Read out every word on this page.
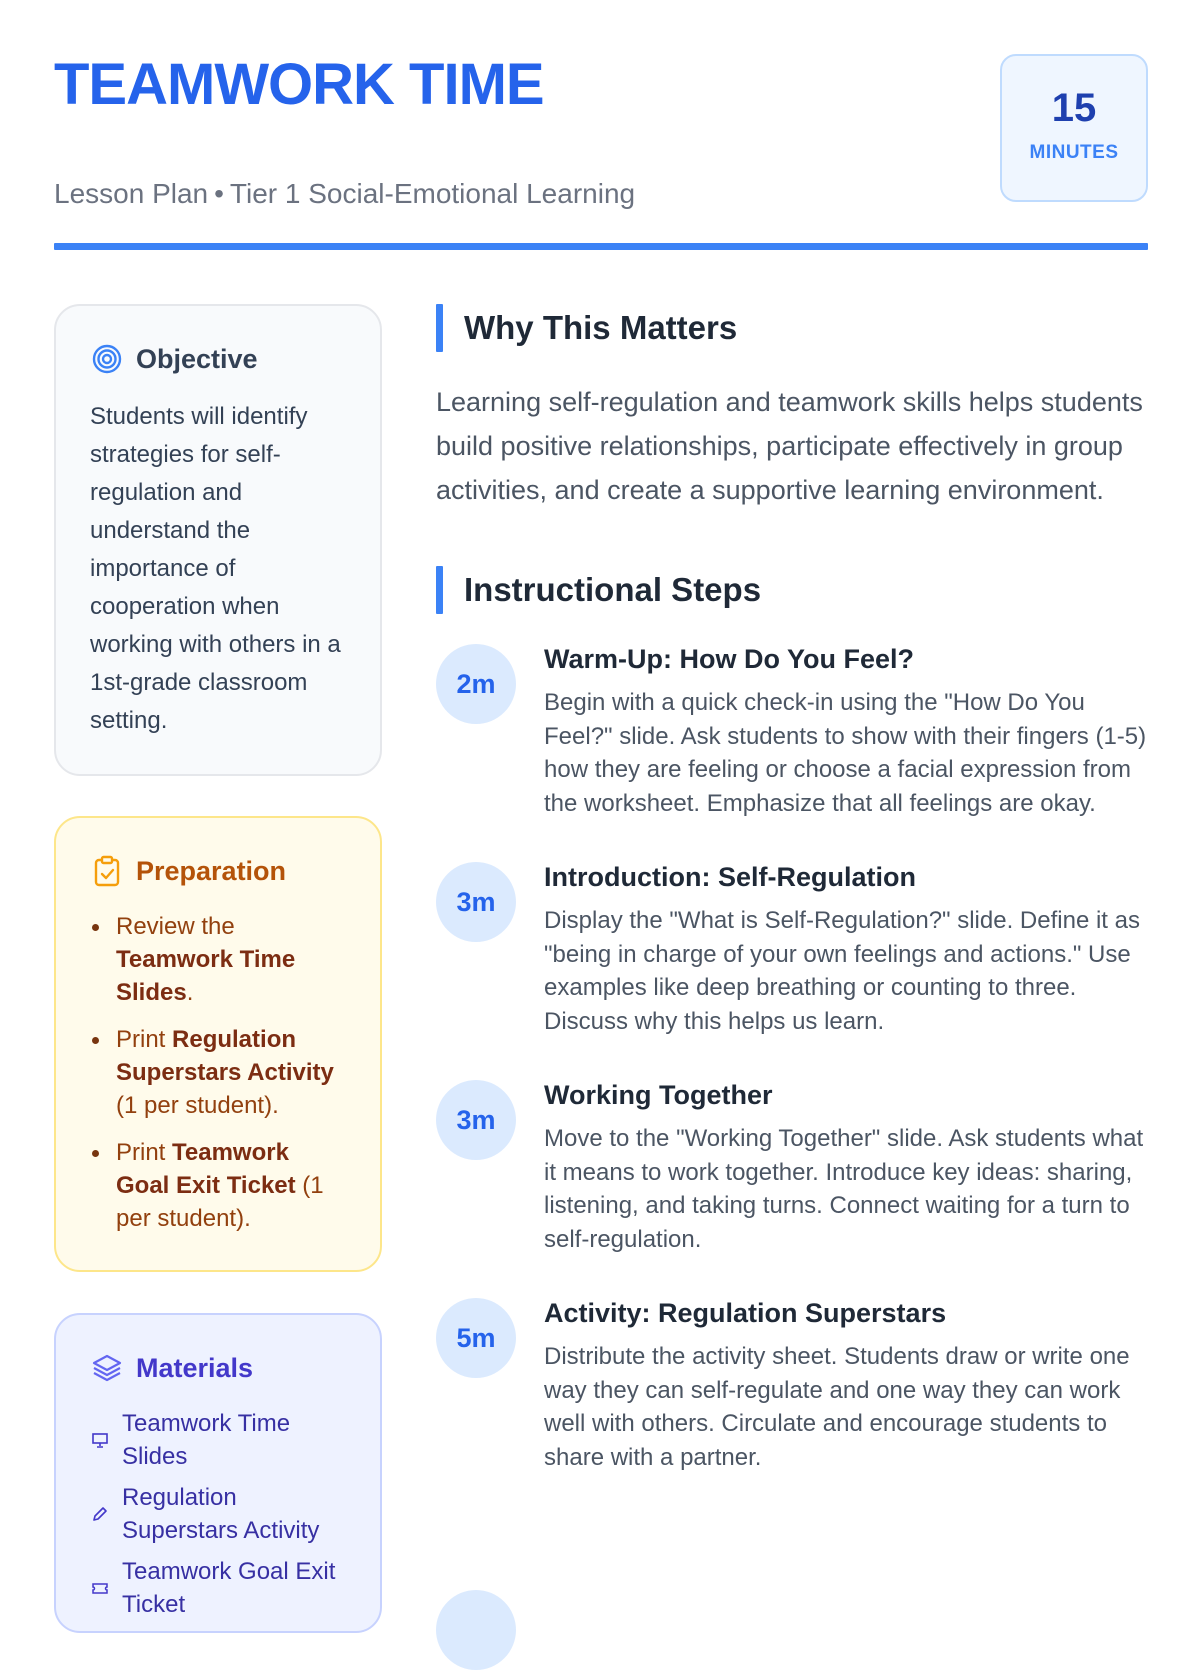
TEAMWORK TIME
Lesson Plan • Tier 1 Social-Emotional Learning
15
MINUTES
Objective

Students will identify strategies for self-regulation and understand the importance of cooperation when working with others in a 1st-grade classroom setting.

Preparation
Review the Teamwork Time Slides.
Print Regulation Superstars Activity (1 per student).
Print Teamwork Goal Exit Ticket (1 per student).
Materials
Teamwork Time Slides
Regulation Superstars Activity
Teamwork Goal Exit Ticket
Why This Matters

Learning self-regulation and teamwork skills helps students build positive relationships, participate effectively in group activities, and create a supportive learning environment.

Instructional Steps
2m
Warm-Up: How Do You Feel?

Begin with a quick check-in using the "How Do You Feel?" slide. Ask students to show with their fingers (1-5) how they are feeling or choose a facial expression from the worksheet. Emphasize that all feelings are okay.

3m
Introduction: Self-Regulation

Display the "What is Self-Regulation?" slide. Define it as "being in charge of your own feelings and actions." Use examples like deep breathing or counting to three. Discuss why this helps us learn.

3m
Working Together

Move to the "Working Together" slide. Ask students what it means to work together. Introduce key ideas: sharing, listening, and taking turns. Connect waiting for a turn to self-regulation.

5m
Activity: Regulation Superstars

Distribute the activity sheet. Students draw or write one way they can self-regulate and one way they can work well with others. Circulate and encourage students to share with a partner.
